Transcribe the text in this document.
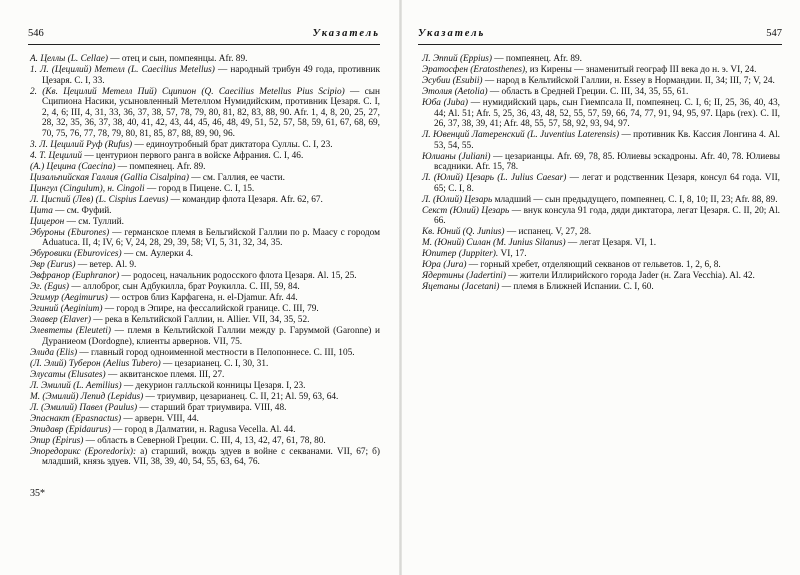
546	Указатель
А. Целлы (L. Cellae) — отец и сын, помпеянцы. Afr. 89.
1. Л. (Цецилий) Метелл (L. Caecilius Metellus) — народный трибун 49 года, противник Цезаря. C. I, 33.
2. (Кв. Цецилий Метелл Пий) Сципион (Q. Caecilius Metellus Pius Scipio) — сын Сципиона Насики, усыновленный Метеллом Нумидийским, противник Цезаря. C. I, 2, 4, 6; III, 4, 31, 33, 36, 37, 38, 57, 78, 79, 80, 81, 82, 83, 88, 90. Afr. 1, 4, 8, 20, 25, 27, 28, 32, 35, 36, 37, 38, 40, 41, 42, 43, 44, 45, 46, 48, 49, 51, 52, 57, 58, 59, 61, 67, 68, 69, 70, 75, 76, 77, 78, 79, 80, 81, 85, 87, 88, 89, 90, 96.
3. Л. Цецилий Руф (Rufus) — единоутробный брат диктатора Суллы. C. I, 23.
4. Т. Цецилий — центурион первого ранга в войске Афрания. C. I, 46.
(А.) Цецина (Caecina) — помпеянец. Afr. 89.
Цизальпийская Галлия (Gallia Cisalpina) — см. Галлия, ее части.
Цингул (Cingulum), н. Cingoli — город в Пицене. C. I, 15.
Л. Циспий (Лев) (L. Cispius Laevus) — командир флота Цезаря. Afr. 62, 67.
Цита — см. Фуфий.
Цицерон — см. Туллий.
Эбуроны (Eburones) — германское племя в Бельгийской Галлии по р. Маасу с городом Aduatuca. II, 4; IV, 6; V, 24, 28, 29, 39, 58; VI, 5, 31, 32, 34, 35.
Эбуровики (Eburovices) — см. Аулерки 4.
Эвр (Eurus) — ветер. Al. 9.
Эвфранор (Euphranor) — родосец, начальник родосского флота Цезаря. Al. 15, 25.
Эг. (Egus) — аллоброг, сын Адбукилла, брат Роукилла. C. III, 59, 84.
Эгимур (Aegimurus) — остров близ Карфагена, н. el-Djamur. Afr. 44.
Эгиний (Aeginium) — город в Эпире, на фессалийской границе. C. III, 79.
Элавер (Elaver) — река в Кельтийской Галлии, н. Allier. VII, 34, 35, 52.
Элевтеты (Eleuteti) — племя в Кельтийской Галлии между р. Гаруммой (Garonne) и Дураниеом (Dordogne), клиенты арвернов. VII, 75.
Элида (Elis) — главный город одноименной местности в Пелопоннесе. C. III, 105.
(Л. Элий) Туберон (Aelius Tubero) — цезарианец. C. I, 30, 31.
Элусаты (Elusates) — аквитанское племя. III, 27.
Л. Эмилий (L. Aemilius) — декурион галльской конницы Цезаря. I, 23.
М. (Эмилий) Лепид (Lepidus) — триумвир, цезарианец. C. II, 21; Al. 59, 63, 64.
Л. (Эмилий) Павел (Paulus) — старший брат триумвира. VIII, 48.
Эпаснакт (Epasnactus) — арверн. VIII, 44.
Эпидавр (Epidaurus) — город в Далматии, н. Ragusa Vecella. Al. 44.
Эпир (Epirus) — область в Северной Греции. C. III, 4, 13, 42, 47, 61, 78, 80.
Эпоредорикс (Eporedorix): а) старший, вождь эдуев в войне с секванами. VII, 67; б) младший, князь эдуев. VII, 38, 39, 40, 54, 55, 63, 64, 76.
35*
Указатель	547
Л. Эппий (Eppius) — помпеянец. Afr. 89.
Эратосфен (Eratosthenes), из Кирены — знаменитый географ III века до н. э. VI, 24.
Эсубии (Esubii) — народ в Кельтийской Галлии, н. Essey в Нормандии. II, 34; III, 7; V, 24.
Этолия (Aetolia) — область в Средней Греции. C. III, 34, 35, 55, 61.
Юба (Juba) — нумидийский царь, сын Гиемпсала II, помпеянец. C. I, 6; II, 25, 36, 40, 43, 44; Al. 51; Afr. 5, 25, 36, 43, 48, 52, 55, 57, 59, 66, 74, 77, 91, 94, 95, 97. Царь (rex). C. II, 26, 37, 38, 39, 41; Afr. 48, 55, 57, 58, 92, 93, 94, 97.
Л. Ювенций Латеренский (L. Juventius Laterensis) — противник Кв. Кассия Лонгина 4. Al. 53, 54, 55.
Юлианы (Juliani) — цезарианцы. Afr. 69, 78, 85. Юлиевы эскадроны. Afr. 40, 78. Юлиевы всадники. Afr. 15, 78.
Л. (Юлий) Цезарь (L. Julius Caesar) — легат и родственник Цезаря, консул 64 года. VII, 65; C. I, 8.
Л. (Юлий) Цезарь младший — сын предыдущего, помпеянец. C. I, 8, 10; II, 23; Afr. 88, 89.
Секст (Юлий) Цезарь — внук консула 91 года, дяди диктатора, легат Цезаря. C. II, 20; Al. 66.
Кв. Юний (Q. Junius) — испанец. V, 27, 28.
М. (Юний) Силан (M. Junius Silanus) — легат Цезаря. VI, 1.
Юпитер (Juppiter). VI, 17.
Юра (Jura) — горный хребет, отделяющий секванов от гельветов. 1, 2, 6, 8.
Ядертины (Jadertini) — жители Иллирийского города Jader (н. Zara Vecchia). Al. 42.
Яцетаны (Jacetani) — племя в Ближней Испании. C. I, 60.
